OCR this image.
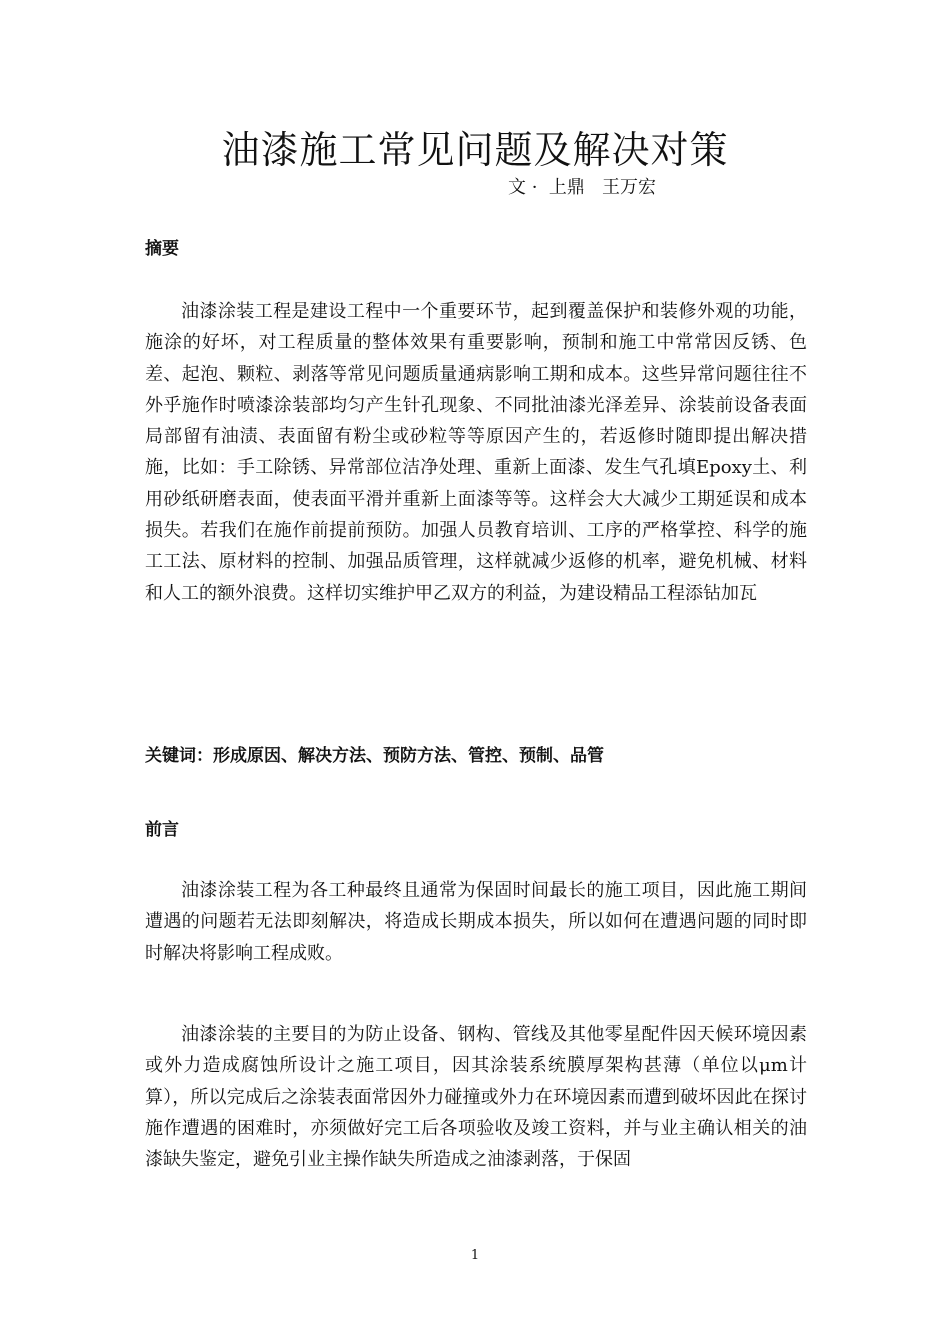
油漆施工常见问题及解决对策
文 ·  上鼎   王万宏
摘要

油漆涂装工程是建设工程中一个重要环节，起到覆盖保护和装修外观的功能，施涂的好坏，对工程质量的整体效果有重要影响，预制和施工中常常因反锈、色差、起泡、颗粒、剥落等常见问题质量通病影响工期和成本。这些异常问题往往不外乎施作时喷漆涂装部均匀产生针孔现象、不同批油漆光泽差异、涂装前设备表面局部留有油渍、表面留有粉尘或砂粒等等原因产生的，若返修时随即提出解决措施，比如：手工除锈、异常部位洁净处理、重新上面漆、发生气孔填Epoxy土、利用砂纸研磨表面，使表面平滑并重新上面漆等等。这样会大大减少工期延误和成本损失。若我们在施作前提前预防。加强人员教育培训、工序的严格掌控、科学的施工工法、原材料的控制、加强品质管理，这样就减少返修的机率，避免机械、材料和人工的额外浪费。这样切实维护甲乙双方的利益，为建设精品工程添钻加瓦

关键词：形成原因、解决方法、预防方法、管控、预制、品管

前言

油漆涂装工程为各工种最终且通常为保固时间最长的施工项目，因此施工期间遭遇的问题若无法即刻解决，将造成长期成本损失，所以如何在遭遇问题的同时即时解决将影响工程成败。

油漆涂装的主要目的为防止设备、钢构、管线及其他零星配件因天候环境因素或外力造成腐蚀所设计之施工项目，因其涂装系统膜厚架构甚薄（单位以μm计算），所以完成后之涂装表面常因外力碰撞或外力在环境因素而遭到破坏因此在探讨施作遭遇的困难时，亦须做好完工后各项验收及竣工资料，并与业主确认相关的油漆缺失鉴定，避免引业主操作缺失所造成之油漆剥落，于保固

1
